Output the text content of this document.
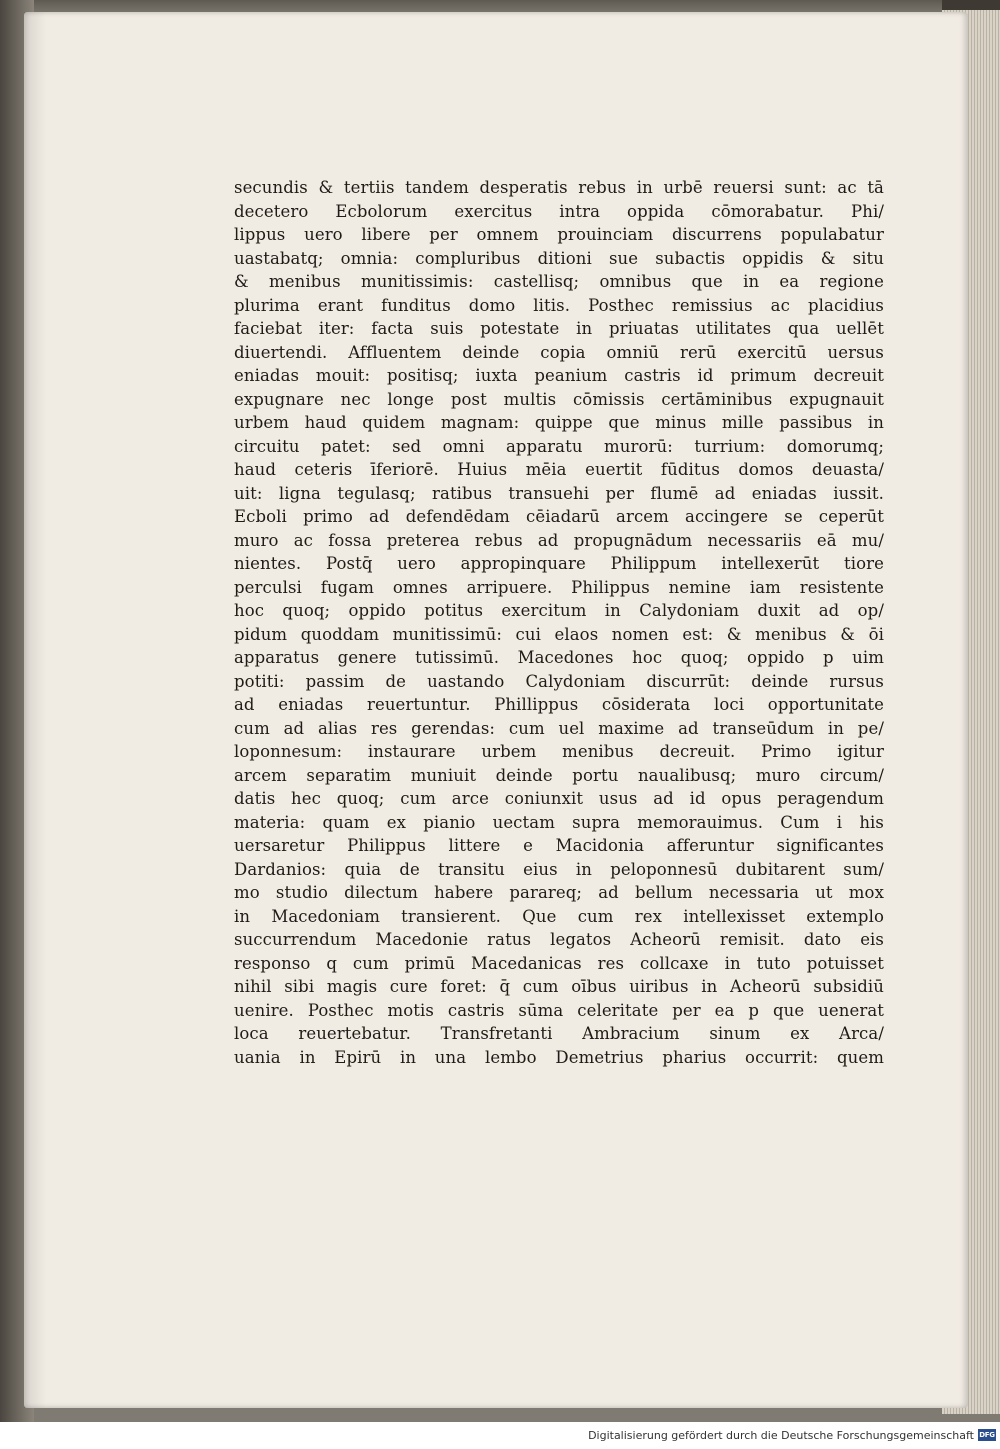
secundis & tertiis tandem desperatis rebus in urbē reuersi sunt: ac tā
decetero Ecbolorum exercitus intra oppida cōmorabatur. Phi/
lippus uero libere per omnem prouinciam discurrens populabatur
uastabatq; omnia: compluribus ditioni sue subactis oppidis & situ
& menibus munitissimis: castellisq; omnibus que in ea regione
plurima erant funditus domo litis. Posthec remissius ac placidius
faciebat iter: facta suis potestate in priuatas utilitates qua uellēt
diuertendi. Affluentem deinde copia omniū rerū exercitū uersus
eniadas mouit: positisq; iuxta peanium castris id primum decreuit
expugnare nec longe post multis cōmissis certāminibus expugnauit
urbem haud quidem magnam: quippe que minus mille passibus in
circuitu patet: sed omni apparatu murorū: turrium: domorumq;
haud ceteris īferiorē. Huius mēia euertit fūditus domos deuasta/
uit: ligna tegulasq; ratibus transuehi per flumē ad eniadas iussit.
Ecboli primo ad defendēdam cēiadarū arcem accingere se ceperūt
muro ac fossa preterea rebus ad propugnādum necessariis eā mu/
nientes. Postq̄ uero appropinquare Philippum intellexerūt tiore
perculsi fugam omnes arripuere. Philippus nemine iam resistente
hoc quoq; oppido potitus exercitum in Calydoniam duxit ad op/
pidum quoddam munitissimū: cui elaos nomen est: & menibus & ōi
apparatus genere tutissimū. Macedones hoc quoq; oppido p uim
potiti: passim de uastando Calydoniam discurrūt: deinde rursus
ad eniadas reuertuntur. Phillippus cōsiderata loci opportunitate
cum ad alias res gerendas: cum uel maxime ad transeūdum in pe/
loponnesum: instaurare urbem menibus decreuit. Primo igitur
arcem separatim muniuit deinde portu naualibusq; muro circum/
datis hec quoq; cum arce coniunxit usus ad id opus peragendum
materia: quam ex pianio uectam supra memorauimus. Cum i his
uersaretur Philippus littere e Macidonia afferuntur significantes
Dardanios: quia de transitu eius in peloponnesū dubitarent sum/
mo studio dilectum habere parareq; ad bellum necessaria ut mox
in Macedoniam transierent. Que cum rex intellexisset extemplo
succurrendum Macedonie ratus legatos Acheorū remisit. dato eis
responso q cum primū Macedanicas res collcaxe in tuto potuisset
nihil sibi magis cure foret: q̄ cum oībus uiribus in Acheorū subsidiū
uenire. Posthec motis castris sūma celeritate per ea p que uenerat
loca reuertebatur. Transfretanti Ambracium sinum ex Arca/
uania in Epirū in una lembo Demetrius pharius occurrit: quem
Digitalisierung gefördert durch die Deutsche Forschungsgemeinschaft DFG
